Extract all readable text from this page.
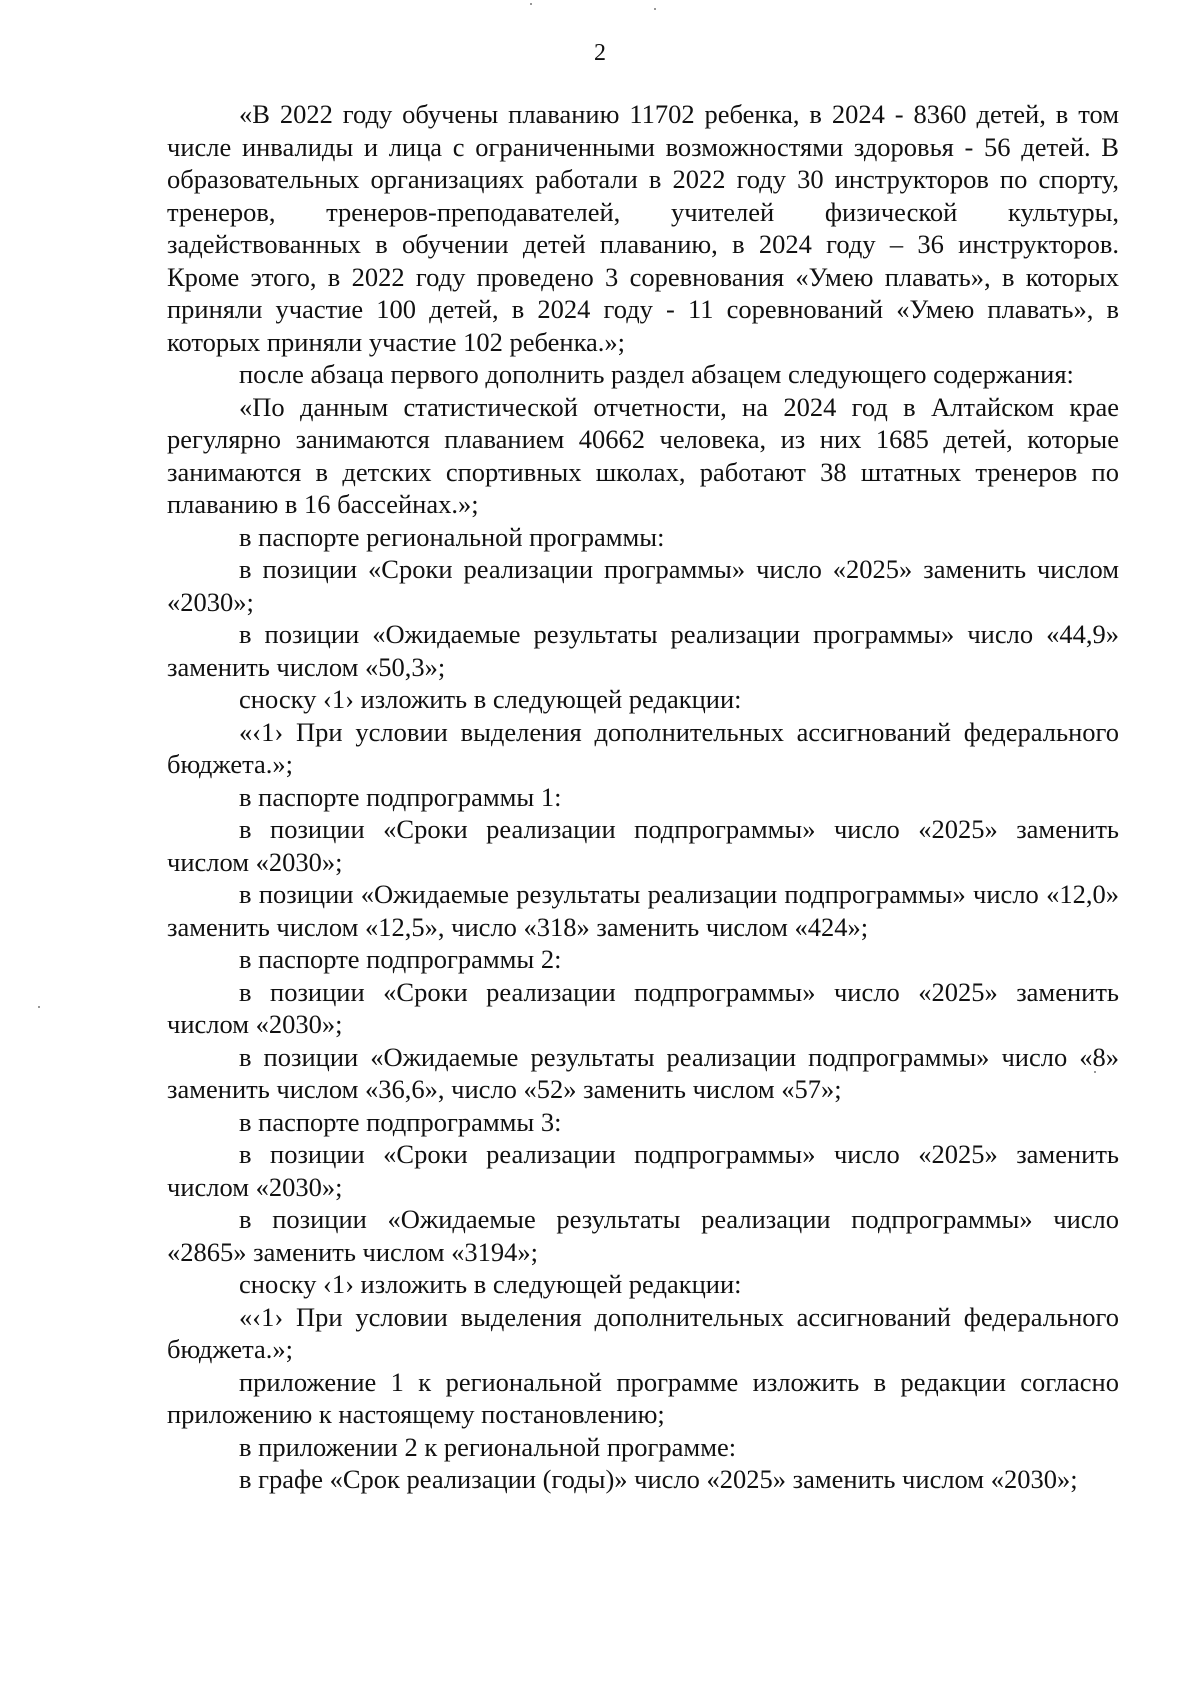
2

«В 2022 году обучены плаванию 11702 ребенка, в 2024 - 8360 детей, в том числе инвалиды и лица с ограниченными возможностями здоровья - 56 детей. В образовательных организациях работали в 2022 году 30 инструкторов по спорту, тренеров, тренеров-преподавателей, учителей физической культуры, задействованных в обучении детей плаванию, в 2024 году – 36 инструкторов. Кроме этого, в 2022 году проведено 3 соревнования «Умею плавать», в которых приняли участие 100 детей, в 2024 году - 11 соревнований «Умею плавать», в которых приняли участие 102 ребенка.»;

после абзаца первого дополнить раздел абзацем следующего содержания:

«По данным статистической отчетности, на 2024 год в Алтайском крае регулярно занимаются плаванием 40662 человека, из них 1685 детей, которые занимаются в детских спортивных школах, работают 38 штатных тренеров по плаванию в 16 бассейнах.»;

в паспорте региональной программы:

в позиции «Сроки реализации программы» число «2025» заменить числом «2030»;

в позиции «Ожидаемые результаты реализации программы» число «44,9» заменить числом «50,3»;

сноску ‹1› изложить в следующей редакции:

«‹1› При условии выделения дополнительных ассигнований федерального бюджета.»;

в паспорте подпрограммы 1:

в позиции «Сроки реализации подпрограммы» число «2025» заменить числом «2030»;

в позиции «Ожидаемые результаты реализации подпрограммы» число «12,0» заменить числом «12,5», число «318» заменить числом «424»;

в паспорте подпрограммы 2:

в позиции «Сроки реализации подпрограммы» число «2025» заменить числом «2030»;

в позиции «Ожидаемые результаты реализации подпрограммы» число «8» заменить числом «36,6», число «52» заменить числом «57»;

в паспорте подпрограммы 3:

в позиции «Сроки реализации подпрограммы» число «2025» заменить числом «2030»;

в позиции «Ожидаемые результаты реализации подпрограммы» число «2865» заменить числом «3194»;

сноску ‹1› изложить в следующей редакции:

«‹1› При условии выделения дополнительных ассигнований федерального бюджета.»;

приложение 1 к региональной программе изложить в редакции согласно приложению к настоящему постановлению;

в приложении 2 к региональной программе:

в графе «Срок реализации (годы)» число «2025» заменить числом «2030»;
